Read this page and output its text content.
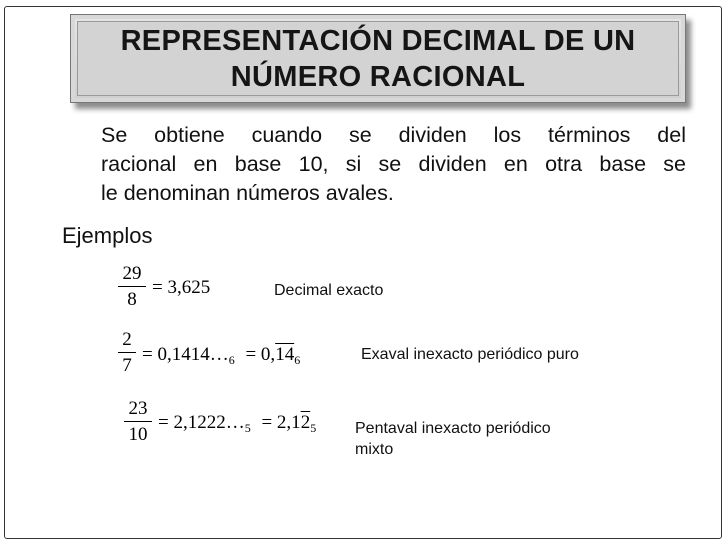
REPRESENTACIÓN DECIMAL DE UN
NÚMERO RACIONAL
Se obtiene cuando se dividen los términos del
racional en base 10, si se dividen en otra base se
le denominan números avales.
Ejemplos
29
8
= 3,625	Decimal exacto
2
7
= $0,1414\dots_6 = 0,14_6$	Exaval inexacto periódico puro
23
10
= $2,1222\dots_5 = 2,12_5$ Pentaval inexacto periódico
mixto
